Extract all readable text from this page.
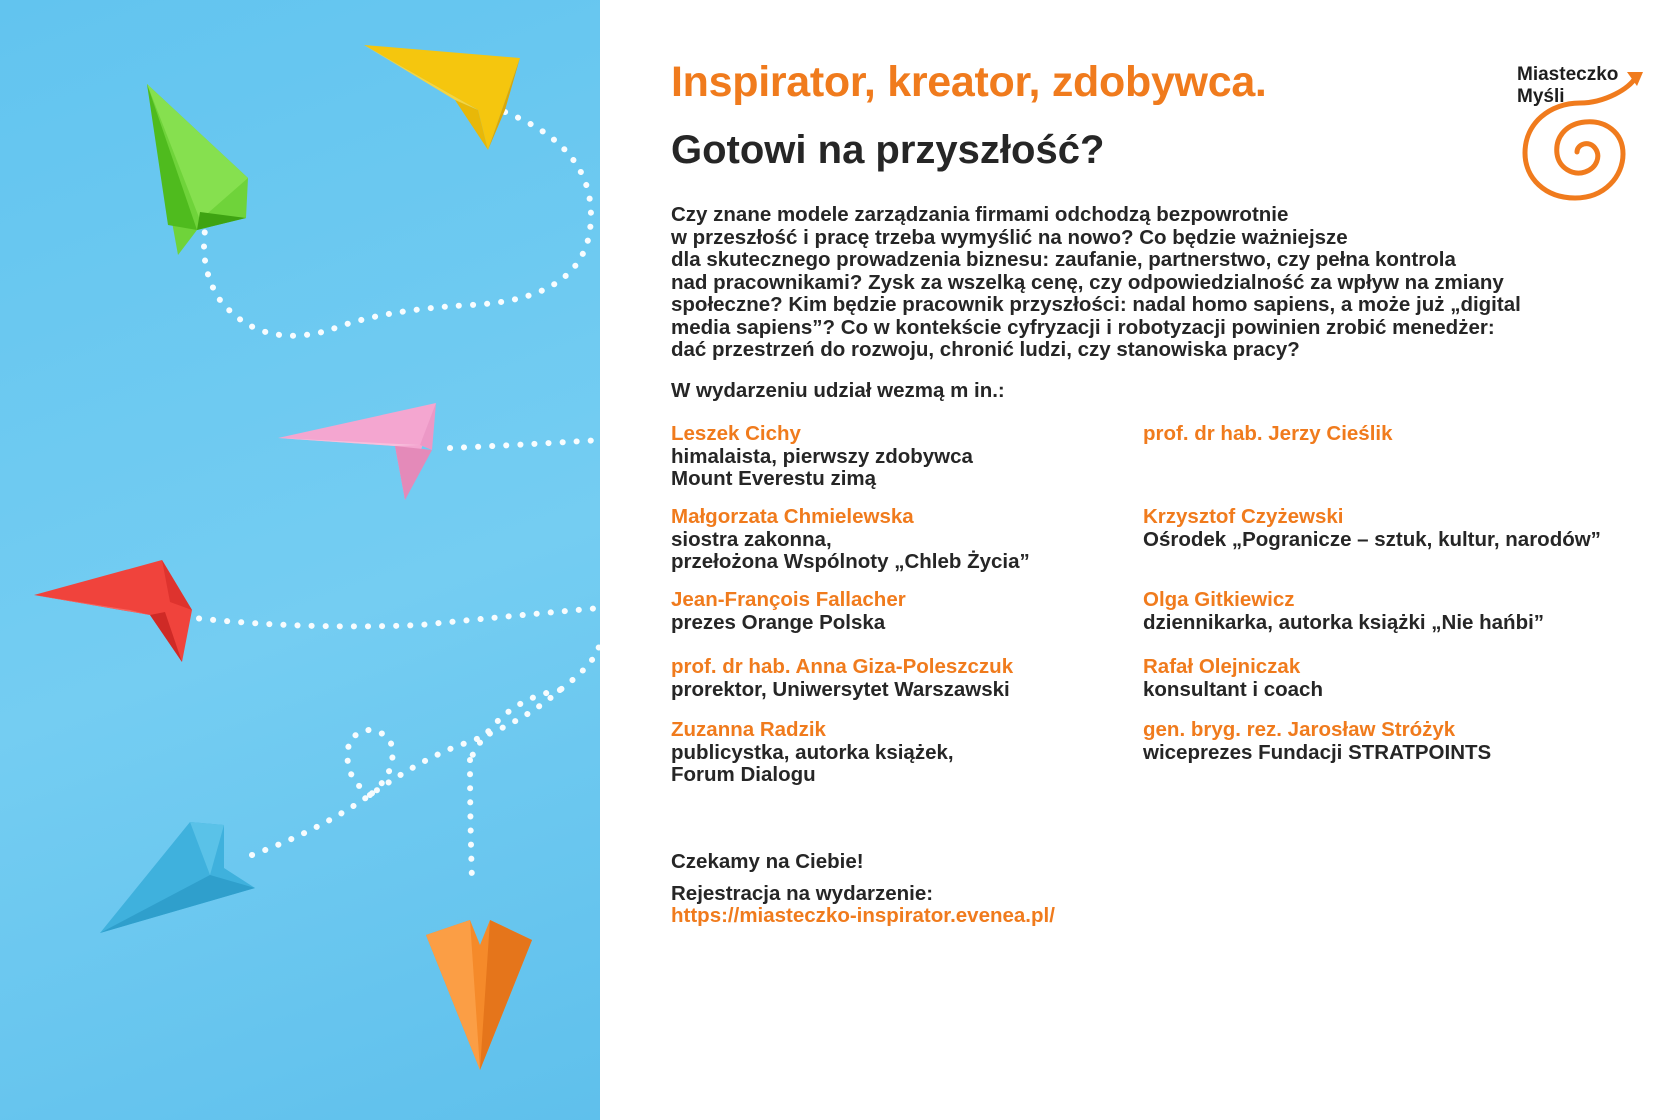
Miasteczko
Myśli
Inspirator, kreator, zdobywca.
Gotowi na przyszłość?
Czy znane modele zarządzania firmami odchodzą bezpowrotnie
w przeszłość i pracę trzeba wymyślić na nowo? Co będzie ważniejsze
dla skutecznego prowadzenia biznesu: zaufanie, partnerstwo, czy pełna kontrola
nad pracownikami? Zysk za wszelką cenę, czy odpowiedzialność za wpływ na zmiany
społeczne? Kim będzie pracownik przyszłości: nadal homo sapiens, a może już „digital
media sapiens”? Co w kontekście cyfryzacji i robotyzacji powinien zrobić menedżer:
dać przestrzeń do rozwoju, chronić ludzi, czy stanowiska pracy?
W wydarzeniu udział wezmą m in.:
Leszek Cichy
himalaista, pierwszy zdobywca
Mount Everestu zimą
Małgorzata Chmielewska
siostra zakonna,
przełożona Wspólnoty „Chleb Życia”
Jean-François Fallacher
prezes Orange Polska
prof. dr hab. Anna Giza-Poleszczuk
prorektor, Uniwersytet Warszawski
Zuzanna Radzik
publicystka, autorka książek,
Forum Dialogu
prof. dr hab. Jerzy Cieślik
Krzysztof Czyżewski
Ośrodek „Pogranicze – sztuk, kultur, narodów”
Olga Gitkiewicz
dziennikarka, autorka książki „Nie hańbi”
Rafał Olejniczak
konsultant i coach
gen. bryg. rez. Jarosław Stróżyk
wiceprezes Fundacji STRATPOINTS
Czekamy na Ciebie!
Rejestracja na wydarzenie:
https://miasteczko-inspirator.evenea.pl/
